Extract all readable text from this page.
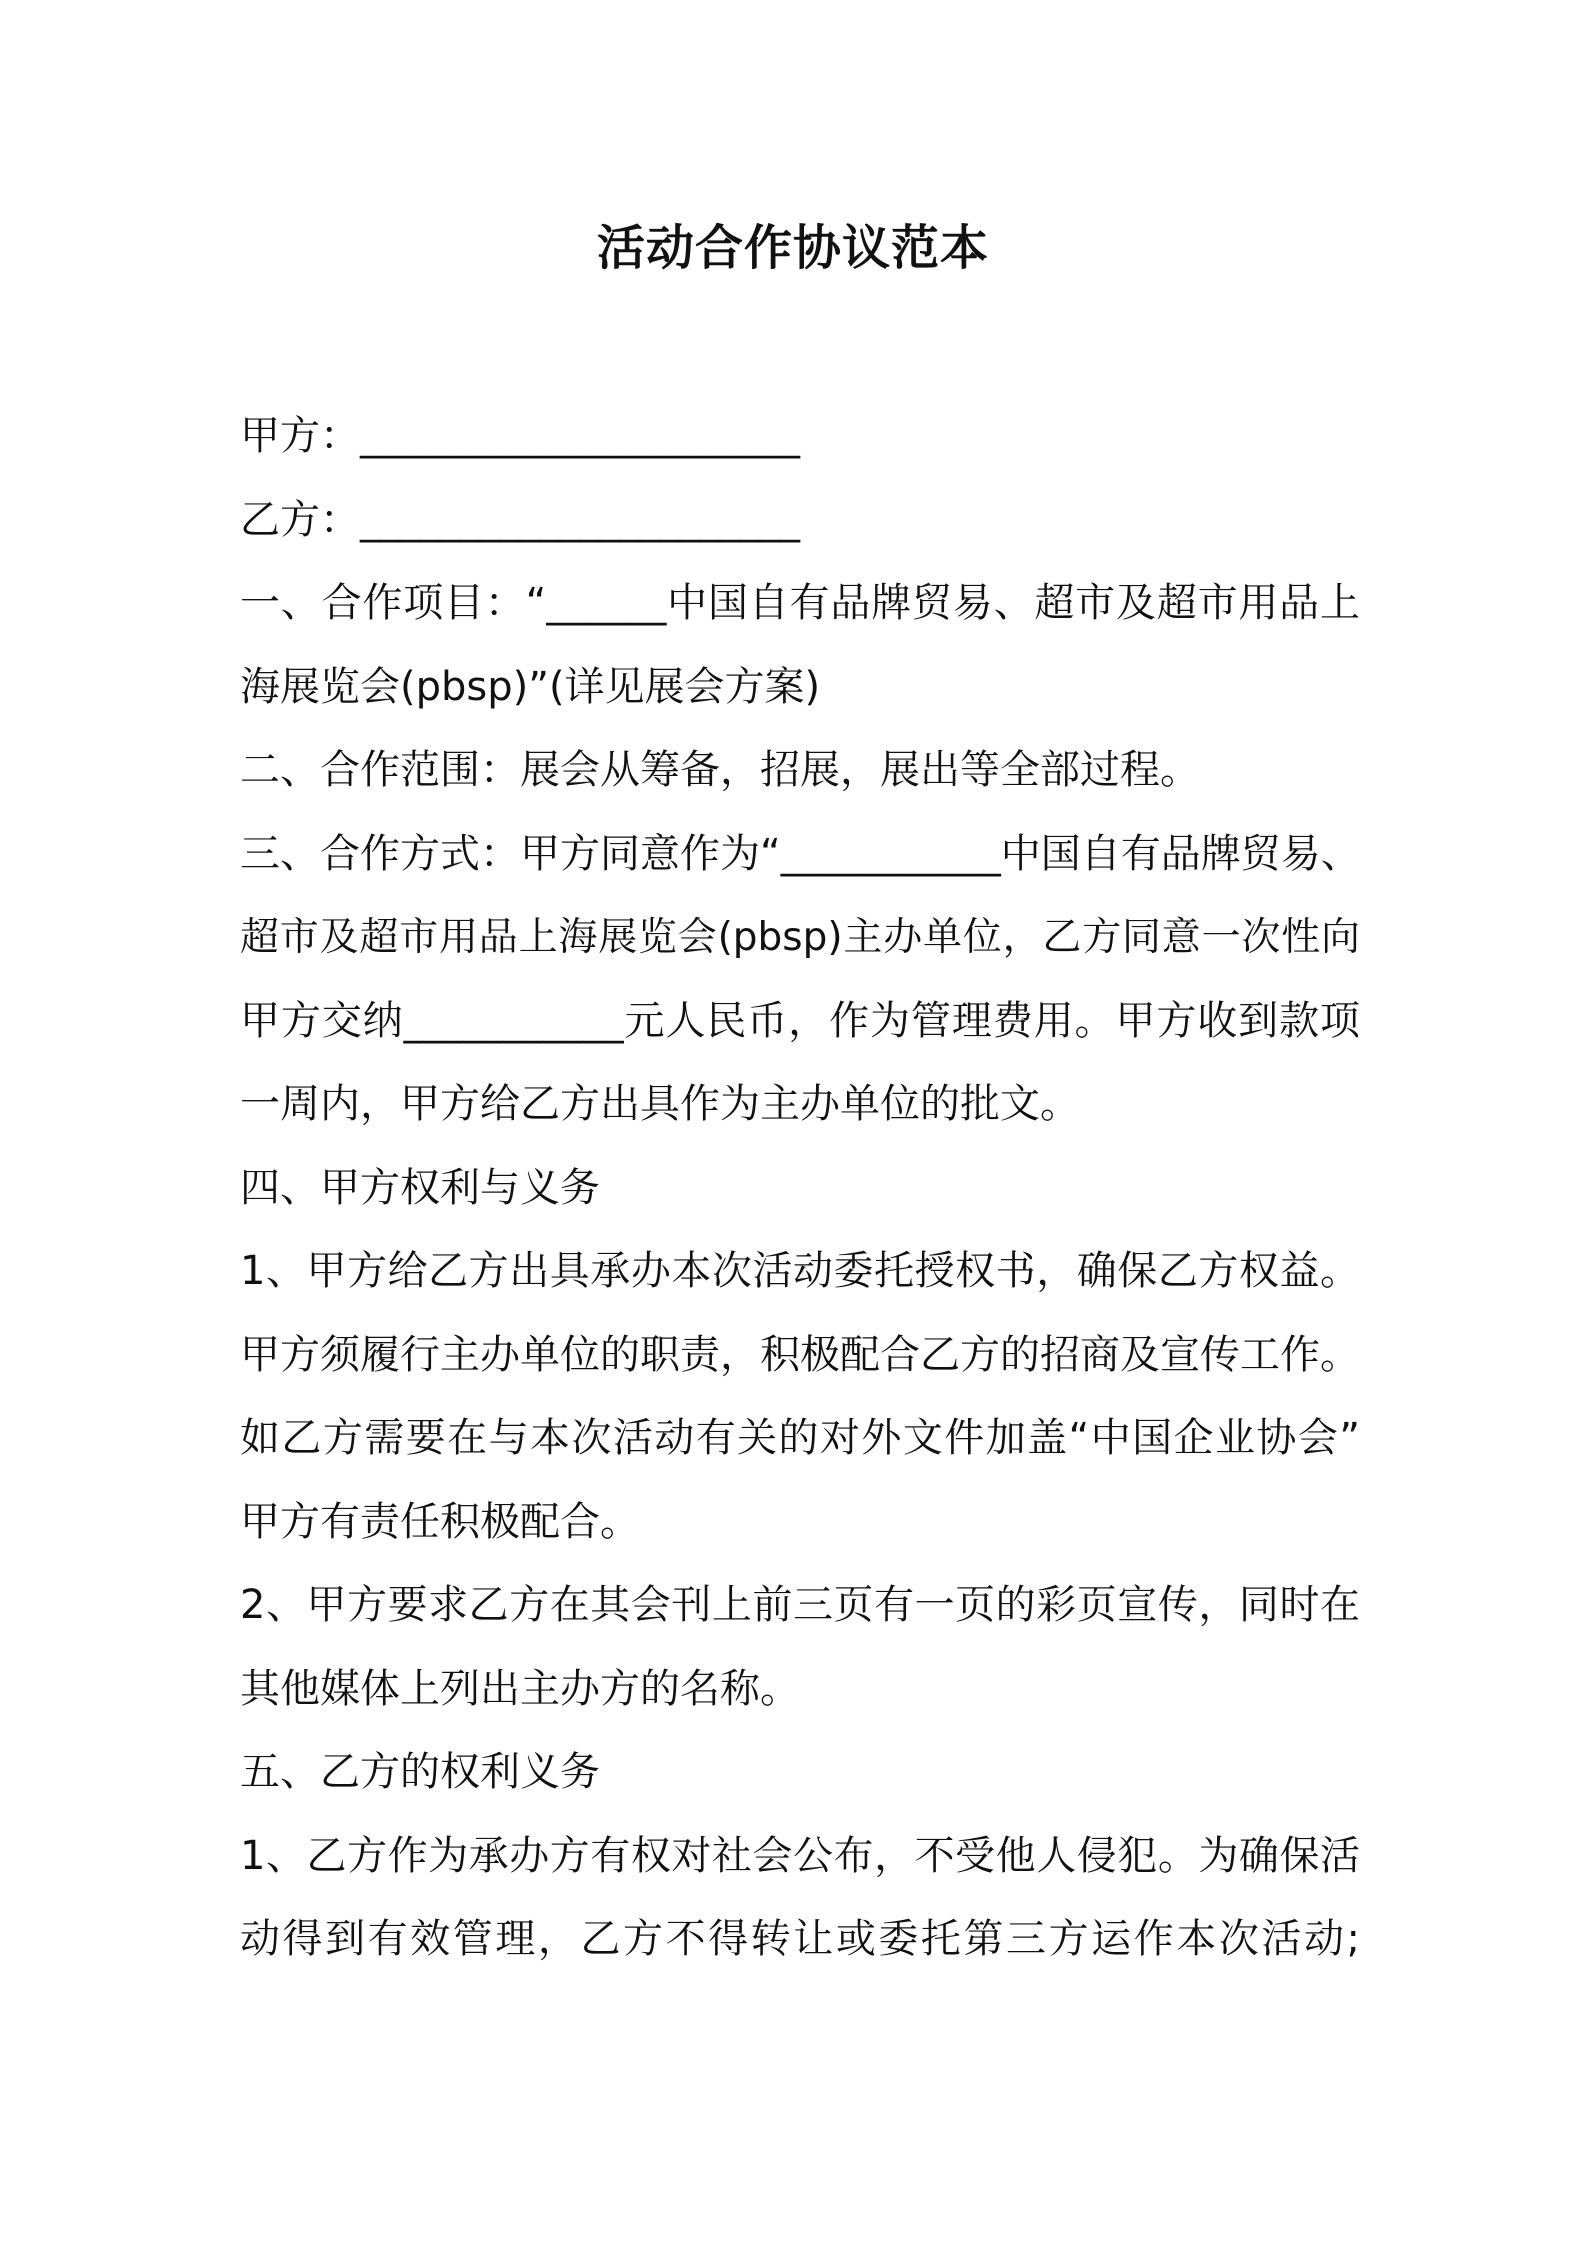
活动合作协议范本
甲方：______________________
乙方：______________________
一、合作项目：“______中国自有品牌贸易、超市及超市用品上
海展览会(pbsp)”(详见展会方案)
二、合作范围：展会从筹备，招展，展出等全部过程。
三、合作方式：甲方同意作为“___________中国自有品牌贸易、
超市及超市用品上海展览会(pbsp)主办单位，乙方同意一次性向
甲方交纳___________元人民币，作为管理费用。甲方收到款项
一周内，甲方给乙方出具作为主办单位的批文。
四、甲方权利与义务
1、甲方给乙方出具承办本次活动委托授权书，确保乙方权益。
甲方须履行主办单位的职责，积极配合乙方的招商及宣传工作。
如乙方需要在与本次活动有关的对外文件加盖“中国企业协会”
甲方有责任积极配合。
2、甲方要求乙方在其会刊上前三页有一页的彩页宣传，同时在
其他媒体上列出主办方的名称。
五、乙方的权利义务
1、乙方作为承办方有权对社会公布，不受他人侵犯。为确保活
动得到有效管理，乙方不得转让或委托第三方运作本次活动;
